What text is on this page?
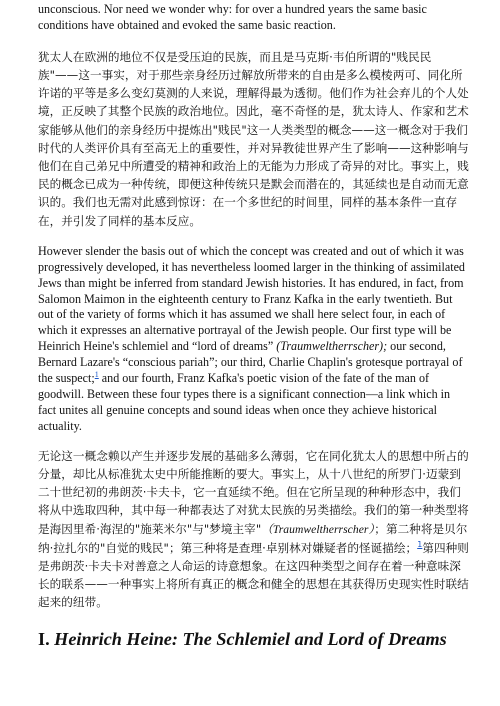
unconscious. Nor need we wonder why: for over a hundred years the same basic conditions have obtained and evoked the same basic reaction.

犹太人在欧洲的地位不仅是受压迫的民族，而且是马克斯·韦伯所谓的"贱民民族"——这一事实，对于那些亲身经历过解放所带来的自由是多么模棱两可、同化所许诺的平等是多么变幻莫测的人来说，理解得最为透彻。他们作为社会弃儿的个人处境，正反映了其整个民族的政治地位。因此，毫不奇怪的是，犹太诗人、作家和艺术家能够从他们的亲身经历中提炼出"贱民"这一人类类型的概念——这一概念对于我们时代的人类评价具有至高无上的重要性，并对异教徒世界产生了影响——这种影响与他们在自己弟兄中所遭受的精神和政治上的无能为力形成了奇异的对比。事实上，贱民的概念已成为一种传统，即便这种传统只是默会而潜在的，其延续也是自动而无意识的。我们也无需对此感到惊讶：在一个多世纪的时间里，同样的基本条件一直存在，并引发了同样的基本反应。

However slender the basis out of which the concept was created and out of which it was progressively developed, it has nevertheless loomed larger in the thinking of assimilated Jews than might be inferred from standard Jewish histories. It has endured, in fact, from Salomon Maimon in the eighteenth century to Franz Kafka in the early twentieth. But out of the variety of forms which it has assumed we shall here select four, in each of which it expresses an alternative portrayal of the Jewish people. Our first type will be Heinrich Heine's schlemiel and “lord of dreams” (Traumweltherrscher); our second, Bernard Lazare's “conscious pariah”; our third, Charlie Chaplin's grotesque portrayal of the suspect;$^1$ and our fourth, Franz Kafka's poetic vision of the fate of the man of goodwill. Between these four types there is a significant connection—a link which in fact unites all genuine concepts and sound ideas when once they achieve historical actuality.

无论这一概念赖以产生并逐步发展的基础多么薄弱，它在同化犹太人的思想中所占的分量，却比从标准犹太史中所能推断的要大。事实上，从十八世纪的所罗门·迈蒙到二十世纪初的弗朗茨·卡夫卡，它一直延续不绝。但在它所呈现的种种形态中，我们将从中选取四种，其中每一种都表达了对犹太民族的另类描绘。我们的第一种类型将是海因里希·海涅的"施莱米尔"与"梦境主宰"（Traumweltherrscher）；第二种将是贝尔纳·拉扎尔的"自觉的贱民"；第三种将是查理·卓别林对嫌疑者的怪诞描绘；$^1$第四种则是弗朗茨·卡夫卡对善意之人命运的诗意想象。在这四种类型之间存在着一种意味深长的联系——一种事实上将所有真正的概念和健全的思想在其获得历史现实性时联结起来的纽带。

I. Heinrich Heine: The Schlemiel and Lord of Dreams
